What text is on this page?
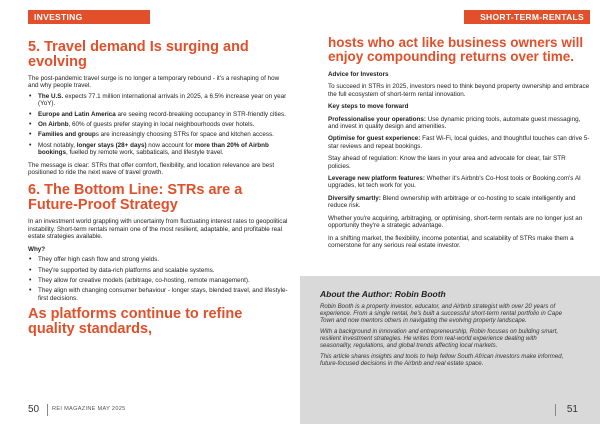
INVESTING
5. Travel demand Is surging and evolving

The post-pandemic travel surge is no longer a temporary rebound - it's a reshaping of how and why people travel.

• The U.S. expects 77.1 million international arrivals in 2025, a 6.5% increase year on year (YoY).
• Europe and Latin America are seeing record-breaking occupancy in STR-friendly cities.
• On Airbnb, 60% of guests prefer staying in local neighbourhoods over hotels.
• Families and groups are increasingly choosing STRs for space and kitchen access.
• Most notably, longer stays (28+ days) now account for more than 20% of Airbnb bookings, fuelled by remote work, sabbaticals, and lifestyle travel.

The message is clear: STRs that offer comfort, flexibility, and location relevance are best positioned to ride the next wave of travel growth.

6. The Bottom Line: STRs are a Future-Proof Strategy

In an investment world grappling with uncertainty from fluctuating interest rates to geopolitical instability. Short-term rentals remain one of the most resilient, adaptable, and profitable real estate strategies available.

Why?

• They offer high cash flow and strong yields.
• They're supported by data-rich platforms and scalable systems.
• They allow for creative models (arbitrage, co-hosting, remote management).
• They align with changing consumer behaviour - longer stays, blended travel, and lifestyle-first decisions.
As platforms continue to refine quality standards,
50 REI MAGAZINE MAY 2025
SHORT-TERM-RENTALS
hosts who act like business owners will enjoy compounding returns over time.

Advice for Investors

To succeed in STRs in 2025, investors need to think beyond property ownership and embrace the full ecosystem of short-term rental innovation.

Key steps to move forward

Professionalise your operations: Use dynamic pricing tools, automate guest messaging, and invest in quality design and amenities.

Optimise for guest experience: Fast Wi-Fi, local guides, and thoughtful touches can drive 5-star reviews and repeat bookings.

Stay ahead of regulation: Know the laws in your area and advocate for clear, fair STR policies.

Leverage new platform features: Whether it's Airbnb's Co-Host tools or Booking.com's AI upgrades, let tech work for you.

Diversify smartly: Blend ownership with arbitrage or co-hosting to scale intelligently and reduce risk.

Whether you're acquiring, arbitraging, or optimising, short-term rentals are no longer just an opportunity they're a strategic advantage.

In a shifting market, the flexibility, income potential, and scalability of STRs make them a cornerstone for any serious real estate investor.

About the Author: Robin Booth

Robin Booth is a property investor, educator, and Airbnb strategist with over 20 years of experience. From a single rental, he's built a successful short-term rental portfolio in Cape Town and now mentors others in navigating the evolving property landscape.

With a background in innovation and entrepreneurship, Robin focuses on building smart, resilient investment strategies. He writes from real-world experience dealing with seasonality, regulations, and global trends affecting local markets.

This article shares insights and tools to help fellow South African investors make informed, future-focused decisions in the Airbnb and real estate space.

51
